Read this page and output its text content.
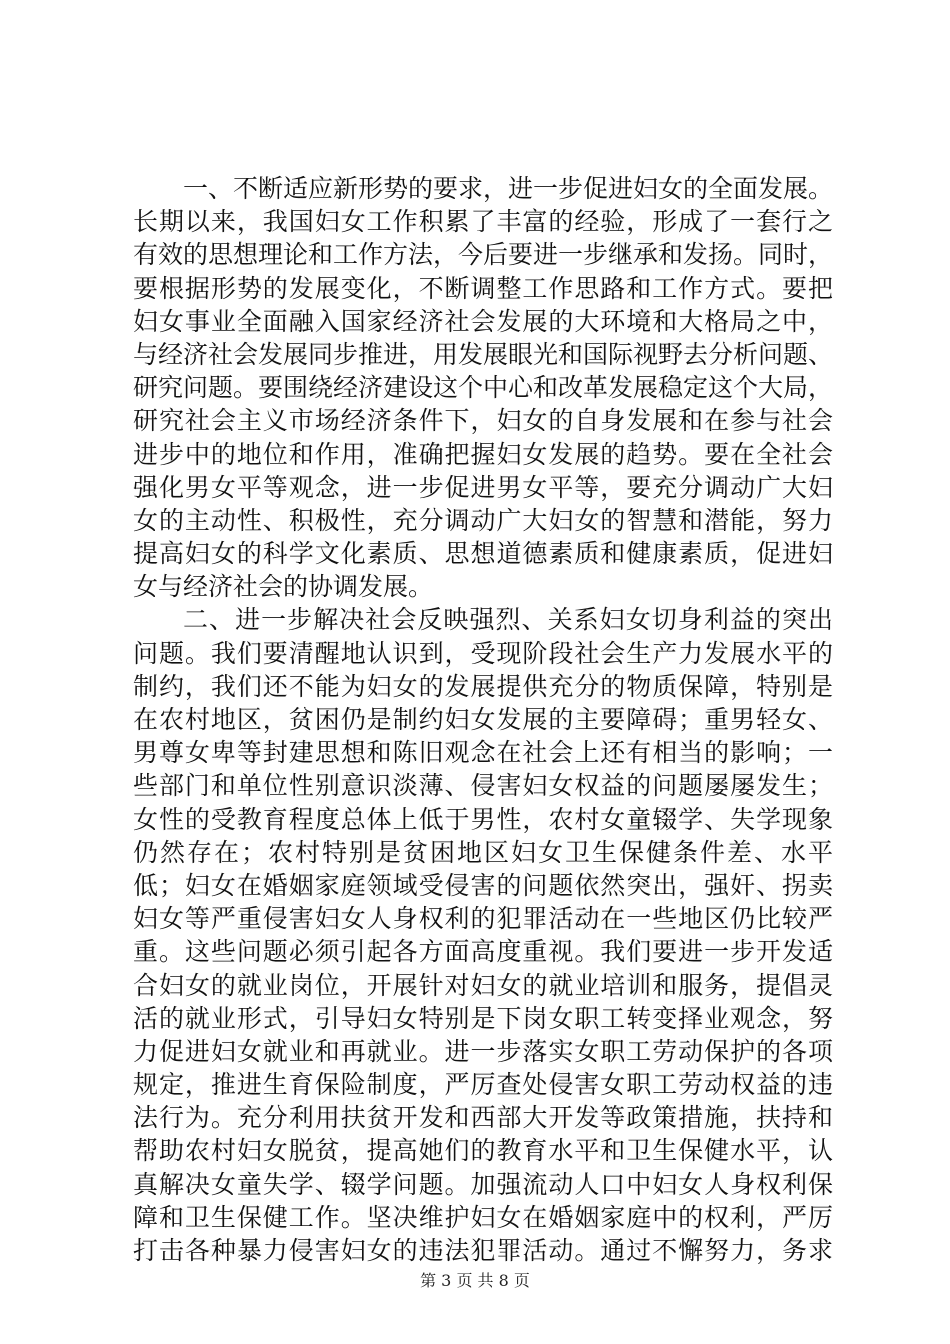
一、不断适应新形势的要求，进一步促进妇女的全面发展。
长期以来，我国妇女工作积累了丰富的经验，形成了一套行之
有效的思想理论和工作方法，今后要进一步继承和发扬。同时，
要根据形势的发展变化，不断调整工作思路和工作方式。要把
妇女事业全面融入国家经济社会发展的大环境和大格局之中，
与经济社会发展同步推进，用发展眼光和国际视野去分析问题、
研究问题。要围绕经济建设这个中心和改革发展稳定这个大局，
研究社会主义市场经济条件下，妇女的自身发展和在参与社会
进步中的地位和作用，准确把握妇女发展的趋势。要在全社会
强化男女平等观念，进一步促进男女平等，要充分调动广大妇
女的主动性、积极性，充分调动广大妇女的智慧和潜能，努力
提高妇女的科学文化素质、思想道德素质和健康素质，促进妇
女与经济社会的协调发展。
二、进一步解决社会反映强烈、关系妇女切身利益的突出
问题。我们要清醒地认识到，受现阶段社会生产力发展水平的
制约，我们还不能为妇女的发展提供充分的物质保障，特别是
在农村地区，贫困仍是制约妇女发展的主要障碍；重男轻女、
男尊女卑等封建思想和陈旧观念在社会上还有相当的影响；一
些部门和单位性别意识淡薄、侵害妇女权益的问题屡屡发生；
女性的受教育程度总体上低于男性，农村女童辍学、失学现象
仍然存在；农村特别是贫困地区妇女卫生保健条件差、水平
低；妇女在婚姻家庭领域受侵害的问题依然突出，强奸、拐卖
妇女等严重侵害妇女人身权利的犯罪活动在一些地区仍比较严
重。这些问题必须引起各方面高度重视。我们要进一步开发适
合妇女的就业岗位，开展针对妇女的就业培训和服务，提倡灵
活的就业形式，引导妇女特别是下岗女职工转变择业观念，努
力促进妇女就业和再就业。进一步落实女职工劳动保护的各项
规定，推进生育保险制度，严厉查处侵害女职工劳动权益的违
法行为。充分利用扶贫开发和西部大开发等政策措施，扶持和
帮助农村妇女脱贫，提高她们的教育水平和卫生保健水平，认
真解决女童失学、辍学问题。加强流动人口中妇女人身权利保
障和卫生保健工作。坚决维护妇女在婚姻家庭中的权利，严厉
打击各种暴力侵害妇女的违法犯罪活动。通过不懈努力，务求
第 3 页 共 8 页
